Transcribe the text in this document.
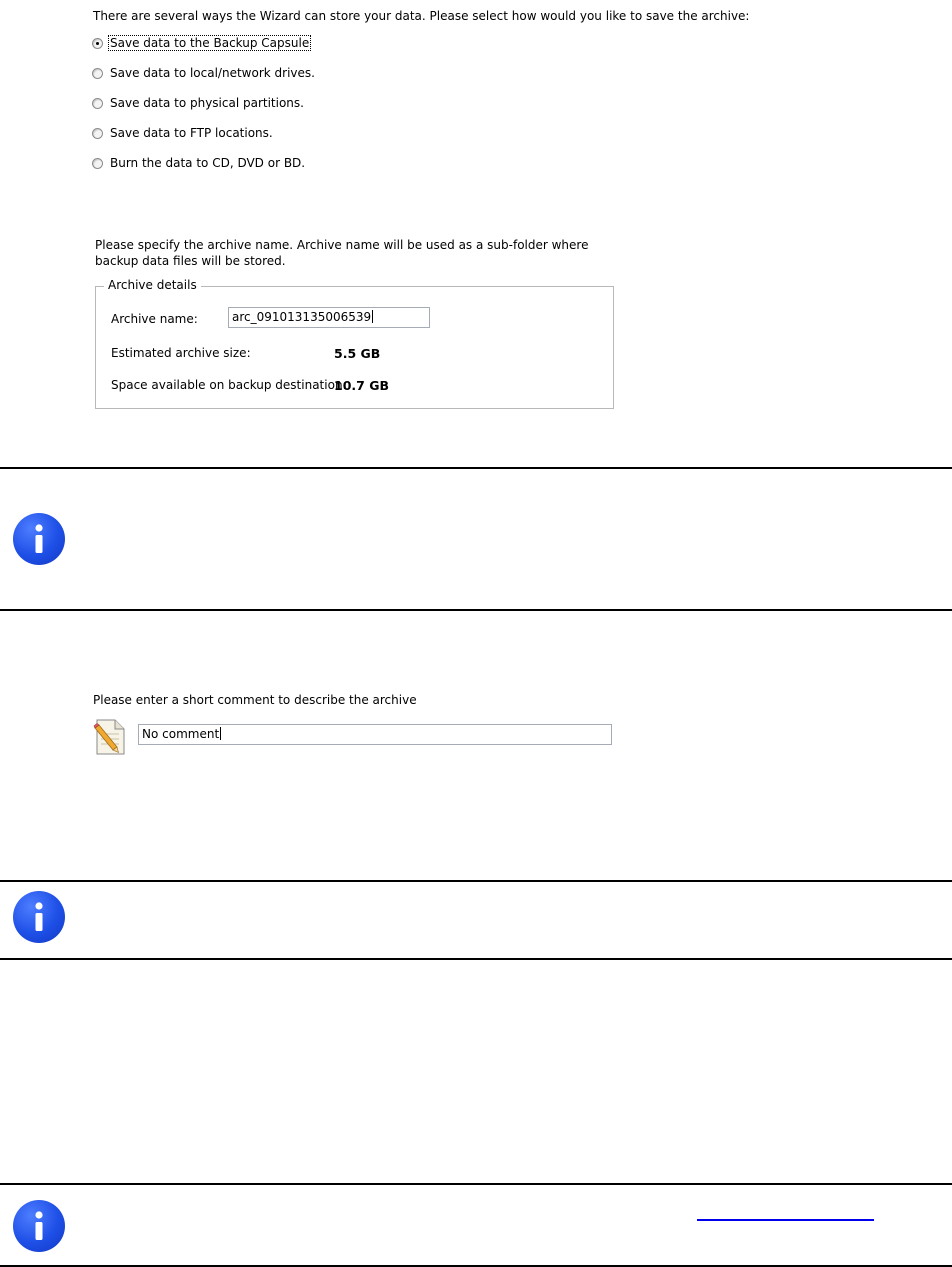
There are several ways the Wizard can store your data. Please select how would you like to save the archive:
Save data to the Backup Capsule
Save data to local/network drives.
Save data to physical partitions.
Save data to FTP locations.
Burn the data to CD, DVD or BD.
Please specify the archive name. Archive name will be used as a sub-folder where backup data files will be stored.
Archive details
Archive name:	arc_091013135006539
Estimated archive size:	5.5 GB
Space available on backup destination:
10.7 GB
Please enter a short comment to describe the archive
No comment
